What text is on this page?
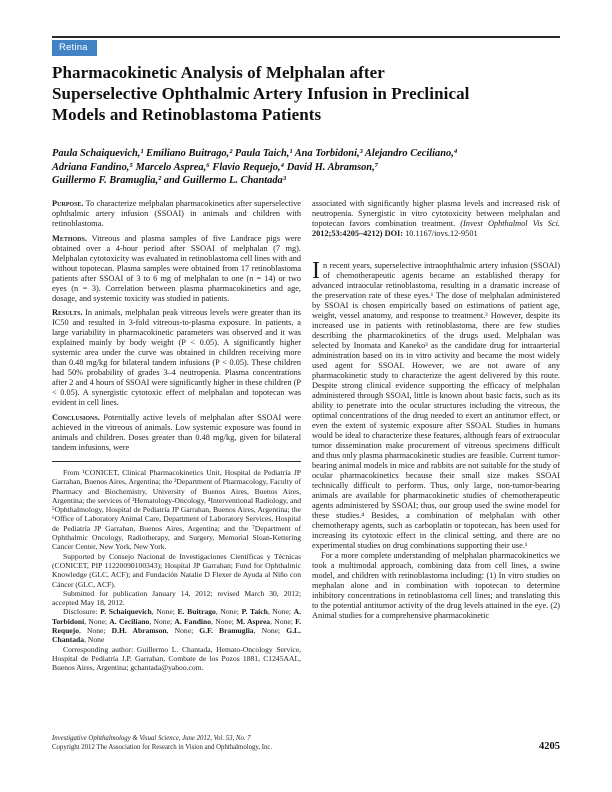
Retina
Pharmacokinetic Analysis of Melphalan after
Superselective Ophthalmic Artery Infusion in Preclinical
Models and Retinoblastoma Patients
Paula Schaiquevich,¹ Emiliano Buitrago,² Paula Taich,¹ Ana Torbidoni,³ Alejandro Ceciliano,⁴
Adriana Fandino,⁵ Marcelo Asprea,⁶ Flavio Requejo,⁴ David H. Abramson,⁷
Guillermo F. Bramuglia,² and Guillermo L. Chantada³

Purpose. To characterize melphalan pharmacokinetics after superselective ophthalmic artery infusion (SSOAI) in animals and children with retinoblastoma.

Methods. Vitreous and plasma samples of five Landrace pigs were obtained over a 4-hour period after SSOAI of melphalan (7 mg). Melphalan cytotoxicity was evaluated in retinoblastoma cell lines with and without topotecan. Plasma samples were obtained from 17 retinoblastoma patients after SSOAI of 3 to 6 mg of melphalan to one (n = 14) or two eyes (n = 3). Correlation between plasma pharmacokinetics and age, dosage, and systemic toxicity was studied in patients.

Results. In animals, melphalan peak vitreous levels were greater than its IC50 and resulted in 3-fold vitreous-to-plasma exposure. In patients, a large variability in pharmacokinetic parameters was observed and it was explained mainly by body weight (P < 0.05). A significantly higher systemic area under the curve was obtained in children receiving more than 0.48 mg/kg for bilateral tandem infusions (P < 0.05). These children had 50% probability of grades 3–4 neutropenia. Plasma concentrations after 2 and 4 hours of SSOAI were significantly higher in these children (P < 0.05). A synergistic cytotoxic effect of melphalan and topotecan was evident in cell lines.

Conclusions. Potentially active levels of melphalan after SSOAI were achieved in the vitreous of animals. Low systemic exposure was found in animals and children. Doses greater than 0.48 mg/kg, given for bilateral tandem infusions, were

From ¹CONICET, Clinical Pharmacokinetics Unit, Hospital de Pediatría JP Garrahan, Buenos Aires, Argentina; the ²Department of Pharmacology, Faculty of Pharmacy and Biochemistry, University of Buenos Aires, Buenos Aires, Argentina; the services of ³Hematology-Oncology, ⁴Interventional Radiology, and ⁵Ophthalmology, Hospital de Pediatría JP Garrahan, Buenos Aires, Argentina; the ⁶Office of Laboratory Animal Care, Department of Laboratory Services, Hospital de Pediatría JP Garrahan, Buenos Aires, Argentina; and the ⁷Department of Ophthalmic Oncology, Radiotherapy, and Surgery, Memorial Sloan-Kettering Cancer Center, New York, New York.

Supported by Consejo Nacional de Investigaciones Científicas y Técnicas (CONICET, PIP 11220090100343); Hospital JP Garrahan; Fund for Ophthalmic Knowledge (GLC, ACF); and Fundación Natalie D Flexer de Ayuda al Niño con Cáncer (GLC, ACF).

Submitted for publication January 14, 2012; revised March 30, 2012; accepted May 18, 2012.

Disclosure: P. Schaiquevich, None; E. Buitrago, None; P. Taich, None; A. Torbidoni, None; A. Ceciliano, None; A. Fandino, None; M. Asprea, None; F. Requejo, None; D.H. Abramson, None; G.F. Bramuglia, None; G.L. Chantada, None

Corresponding author: Guillermo L. Chantada, Hemato-Oncology Service, Hospital de Pediatría J.P. Garrahan, Combate de los Pozos 1881, C1245AAL, Buenos Aires, Argentina; gchantada@yahoo.com.

associated with significantly higher plasma levels and increased risk of neutropenia. Synergistic in vitro cytotoxicity between melphalan and topotecan favors combination treatment. (Invest Ophthalmol Vis Sci. 2012;53:4205–4212) DOI: 10.1167/iovs.12-9501

In recent years, superselective intraophthalmic artery infusion (SSOAI) of chemotherapeutic agents became an established therapy for advanced intraocular retinoblastoma, resulting in a dramatic increase of the preservation rate of these eyes.¹ The dose of melphalan administered by SSOAI is chosen empirically based on estimations of patient age, weight, vessel anatomy, and response to treatment.² However, despite its increased use in patients with retinoblastoma, there are few studies describing the pharmacokinetics of the drugs used. Melphalan was selected by Inomata and Kaneko³ as the candidate drug for intraarterial administration based on its in vitro activity and became the most widely used agent for SSOAI. However, we are not aware of any pharmacokinetic study to characterize the agent delivered by this route. Despite strong clinical evidence supporting the efficacy of melphalan administered through SSOAI, little is known about basic facts, such as its ability to penetrate into the ocular structures including the vitreous, the optimal concentrations of the drug needed to exert an antitumor effect, or even the extent of systemic exposure after SSOAI. Studies in humans would be ideal to characterize these features, although fears of extraocular tumor dissemination make procurement of vitreous specimens difficult and thus only plasma pharmacokinetic studies are feasible. Current tumor-bearing animal models in mice and rabbits are not suitable for the study of ocular pharmacokinetics because their small size makes SSOAI technically difficult to perform. Thus, only large, non-tumor-bearing animals are available for pharmacokinetic studies of chemotherapeutic agents administered by SSOAI; thus, our group used the swine model for these studies.⁴ Besides, a combination of melphalan with other chemotherapy agents, such as carboplatin or topotecan, has been used for increasing its cytotoxic effect in the clinical setting, and there are no experimental studies on drug combinations supporting their use.¹

For a more complete understanding of melphalan pharmacokinetics we took a multimodal approach, combining data from cell lines, a swine model, and children with retinoblastoma including: (1) In vitro studies on mephalan alone and in combination with topotecan to determine inhibitory concentrations in retinoblastoma cell lines; and translating this to the potential antitumor activity of the drug levels attained in the eye. (2) Animal studies for a comprehensive pharmacokinetic

Investigative Ophthalmology & Visual Science, June 2012, Vol. 53, No. 7
Copyright 2012 The Association for Research in Vision and Ophthalmology, Inc.	4205
